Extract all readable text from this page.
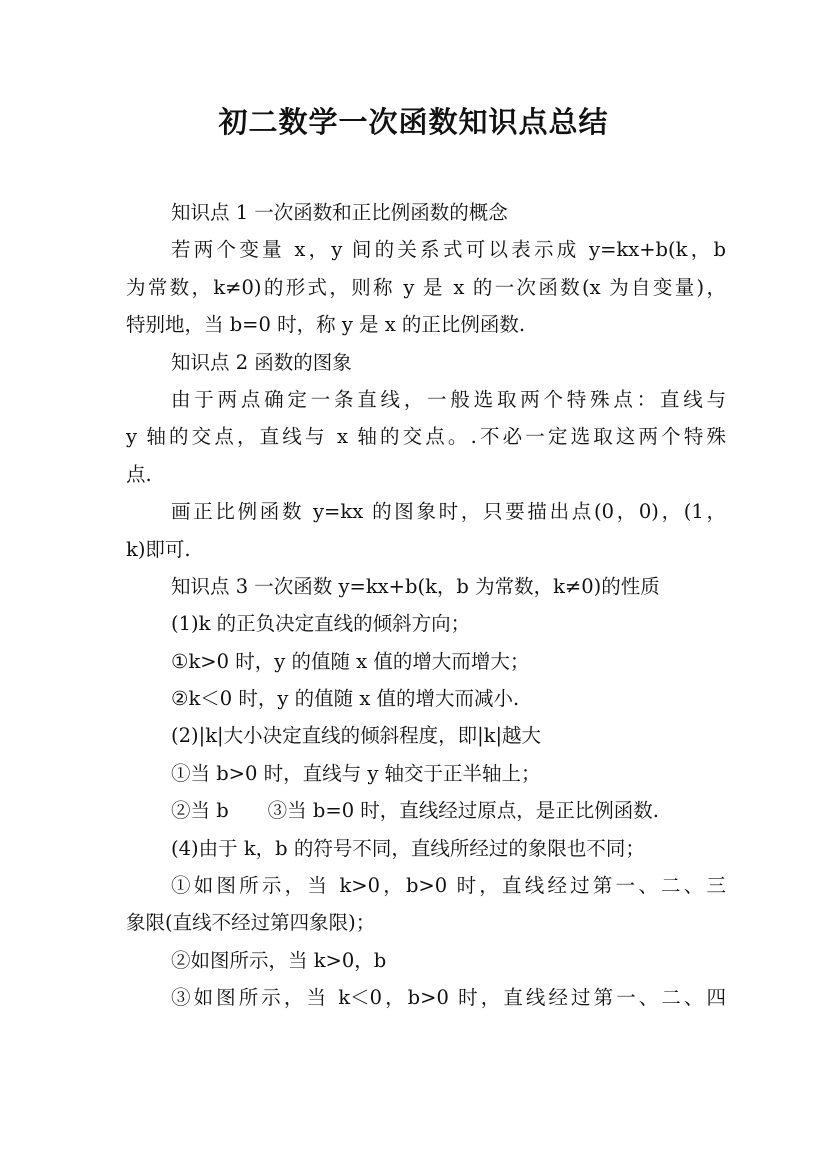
初二数学一次函数知识点总结
知识点 1 一次函数和正比例函数的概念
若两个变量 x，y 间的关系式可以表示成 y=kx+b(k，b
为常数，k≠0)的形式，则称 y 是 x 的一次函数(x 为自变量)，
特别地，当 b=0 时，称 y 是 x 的正比例函数.
知识点 2 函数的图象
由于两点确定一条直线，一般选取两个特殊点：直线与
y 轴的交点，直线与 x 轴的交点。.不必一定选取这两个特殊
点.
画正比例函数 y=kx 的图象时，只要描出点(0，0)，(1，
k)即可.
知识点 3 一次函数 y=kx+b(k，b 为常数，k≠0)的性质
(1)k 的正负决定直线的倾斜方向；
①k>0 时，y 的值随 x 值的增大而增大；
②k＜0 时，y 的值随 x 值的增大而减小.
(2)|k|大小决定直线的倾斜程度，即|k|越大
①当 b>0 时，直线与 y 轴交于正半轴上；
②当 b　　③当 b=0 时，直线经过原点，是正比例函数.
(4)由于 k，b 的符号不同，直线所经过的象限也不同；
①如图所示，当 k>0，b>0 时，直线经过第一、二、三
象限(直线不经过第四象限)；
②如图所示，当 k>0，b
③如图所示，当 k＜0，b>0 时，直线经过第一、二、四
